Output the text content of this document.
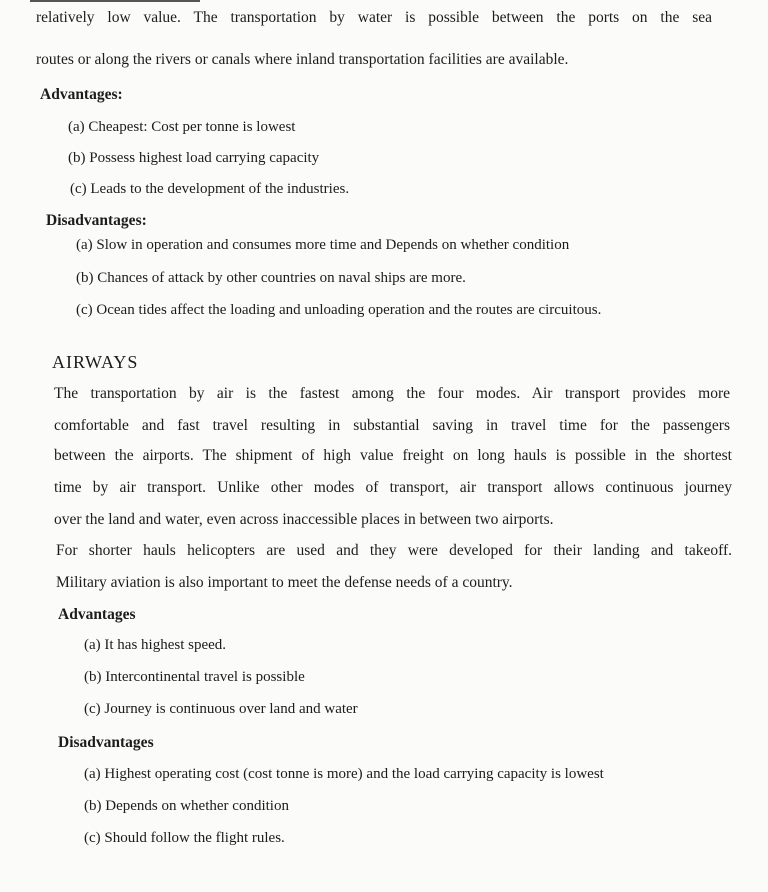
relatively low value. The transportation by water is possible between the ports on the sea
routes or along the rivers or canals where inland transportation facilities are available.
Advantages:
(a) Cheapest: Cost per tonne is lowest
(b) Possess highest load carrying capacity
(c) Leads to the development of the industries.
Disadvantages:
(a) Slow in operation and consumes more time and Depends on whether condition
(b) Chances of attack by other countries on naval ships are more.
(c) Ocean tides affect the loading and unloading operation and the routes are circuitous.
AIRWAYS
The transportation by air is the fastest among the four modes. Air transport provides more
comfortable and fast travel resulting in substantial saving in travel time for the passengers
between the airports. The shipment of high value freight on long hauls is possible in the shortest
time by air transport. Unlike other modes of transport, air transport allows continuous journey
over the land and water, even across inaccessible places in between two airports.
For shorter hauls helicopters are used and they were developed for their landing and takeoff.
Military aviation is also important to meet the defense needs of a country.
Advantages
(a) It has highest speed.
(b) Intercontinental travel is possible
(c) Journey is continuous over land and water
Disadvantages
(a) Highest operating cost (cost tonne is more) and the load carrying capacity is lowest
(b) Depends on whether condition
(c) Should follow the flight rules.
